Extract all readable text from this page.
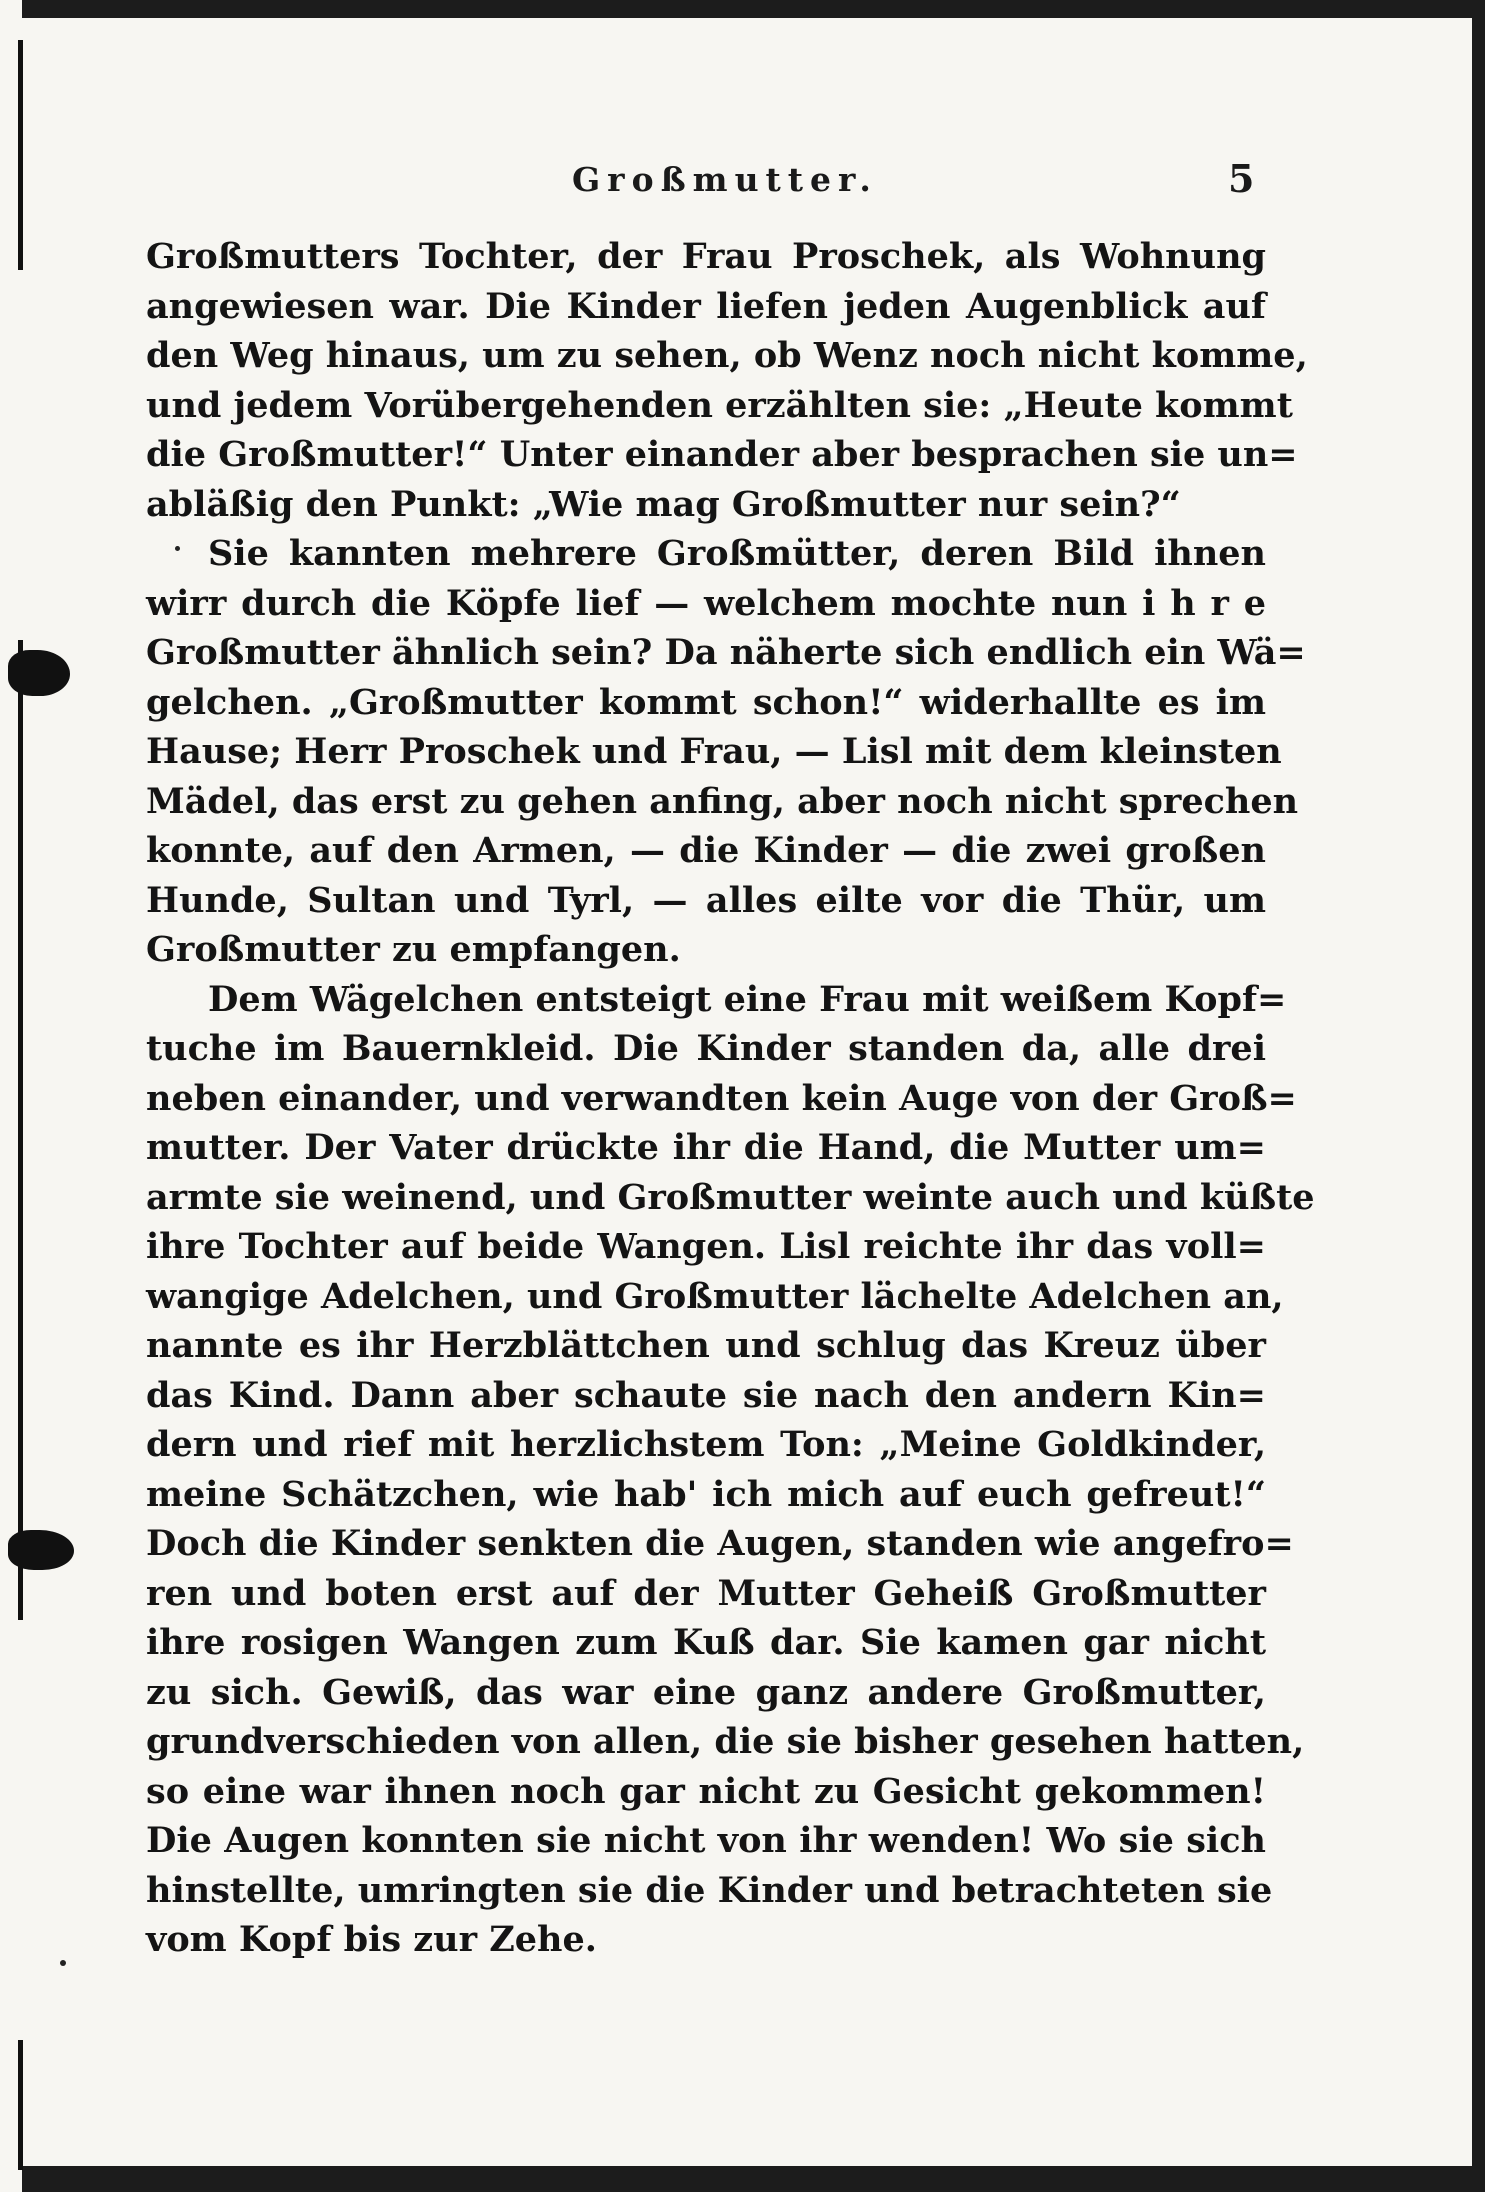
Großmutter.	5
Großmutters Tochter, der Frau Proschek, als Wohnung
angewiesen war. Die Kinder liefen jeden Augenblick auf
den Weg hinaus, um zu sehen, ob Wenz noch nicht komme,
und jedem Vorübergehenden erzählten sie: „Heute kommt
die Großmutter!“ Unter einander aber besprachen sie un=
abläßig den Punkt: „Wie mag Großmutter nur sein?“
Sie kannten mehrere Großmütter, deren Bild ihnen
wirr durch die Köpfe lief — welchem mochte nun i h r e
Großmutter ähnlich sein? Da näherte sich endlich ein Wä=
gelchen. „Großmutter kommt schon!“ widerhallte es im
Hause; Herr Proschek und Frau, — Lisl mit dem kleinsten
Mädel, das erst zu gehen anfing, aber noch nicht sprechen
konnte, auf den Armen, — die Kinder — die zwei großen
Hunde, Sultan und Tyrl, — alles eilte vor die Thür, um
Großmutter zu empfangen.
Dem Wägelchen entsteigt eine Frau mit weißem Kopf=
tuche im Bauernkleid. Die Kinder standen da, alle drei
neben einander, und verwandten kein Auge von der Groß=
mutter. Der Vater drückte ihr die Hand, die Mutter um=
armte sie weinend, und Großmutter weinte auch und küßte
ihre Tochter auf beide Wangen. Lisl reichte ihr das voll=
wangige Adelchen, und Großmutter lächelte Adelchen an,
nannte es ihr Herzblättchen und schlug das Kreuz über
das Kind. Dann aber schaute sie nach den andern Kin=
dern und rief mit herzlichstem Ton: „Meine Goldkinder,
meine Schätzchen, wie hab' ich mich auf euch gefreut!“
Doch die Kinder senkten die Augen, standen wie angefro=
ren und boten erst auf der Mutter Geheiß Großmutter
ihre rosigen Wangen zum Kuß dar. Sie kamen gar nicht
zu sich. Gewiß, das war eine ganz andere Großmutter,
grundverschieden von allen, die sie bisher gesehen hatten,
so eine war ihnen noch gar nicht zu Gesicht gekommen!
Die Augen konnten sie nicht von ihr wenden! Wo sie sich
hinstellte, umringten sie die Kinder und betrachteten sie
vom Kopf bis zur Zehe.
